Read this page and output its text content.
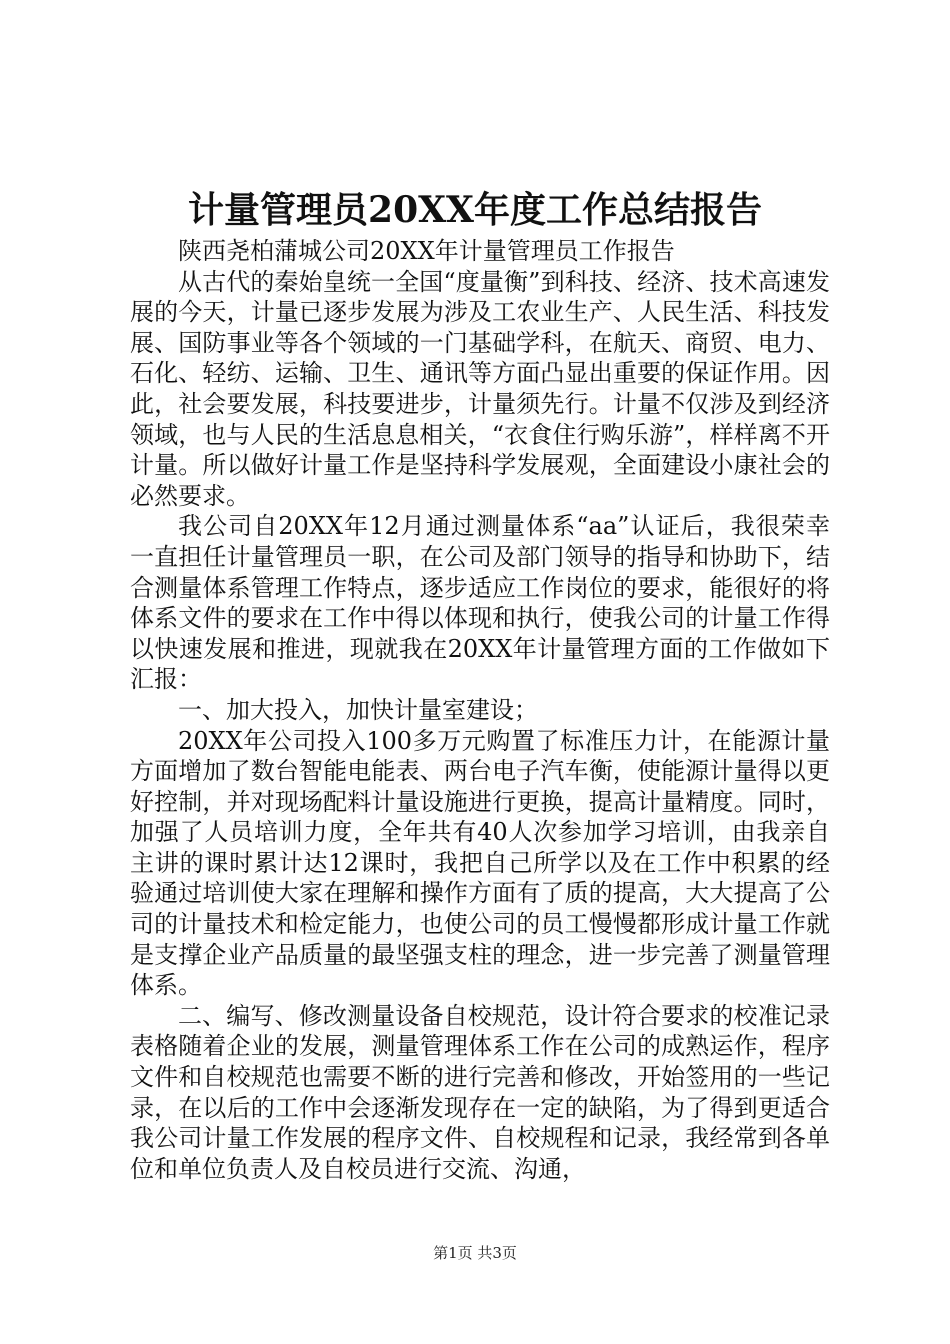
计量管理员20XX年度工作总结报告

陕西尧柏蒲城公司20XX年计量管理员工作报告

从古代的秦始皇统一全国“度量衡”到科技、经济、技术高速发展的今天，计量已逐步发展为涉及工农业生产、人民生活、科技发展、国防事业等各个领域的一门基础学科，在航天、商贸、电力、石化、轻纺、运输、卫生、通讯等方面凸显出重要的保证作用。因此，社会要发展，科技要进步，计量须先行。计量不仅涉及到经济领域，也与人民的生活息息相关，“衣食住行购乐游”，样样离不开计量。所以做好计量工作是坚持科学发展观，全面建设小康社会的必然要求。

我公司自20XX年12月通过测量体系“aa”认证后，我很荣幸一直担任计量管理员一职，在公司及部门领导的指导和协助下，结合测量体系管理工作特点，逐步适应工作岗位的要求，能很好的将体系文件的要求在工作中得以体现和执行，使我公司的计量工作得以快速发展和推进，现就我在20XX年计量管理方面的工作做如下汇报：

一、加大投入，加快计量室建设；

20XX年公司投入100多万元购置了标准压力计，在能源计量方面增加了数台智能电能表、两台电子汽车衡，使能源计量得以更好控制，并对现场配料计量设施进行更换，提高计量精度。同时，加强了人员培训力度，全年共有40人次参加学习培训，由我亲自主讲的课时累计达12课时，我把自己所学以及在工作中积累的经验通过培训使大家在理解和操作方面有了质的提高，大大提高了公司的计量技术和检定能力，也使公司的员工慢慢都形成计量工作就是支撑企业产品质量的最坚强支柱的理念，进一步完善了测量管理体系。

二、编写、修改测量设备自校规范，设计符合要求的校准记录表格随着企业的发展，测量管理体系工作在公司的成熟运作，程序文件和自校规范也需要不断的进行完善和修改，开始签用的一些记录，在以后的工作中会逐渐发现存在一定的缺陷，为了得到更适合我公司计量工作发展的程序文件、自校规程和记录，我经常到各单位和单位负责人及自校员进行交流、沟通，

第1页 共3页
